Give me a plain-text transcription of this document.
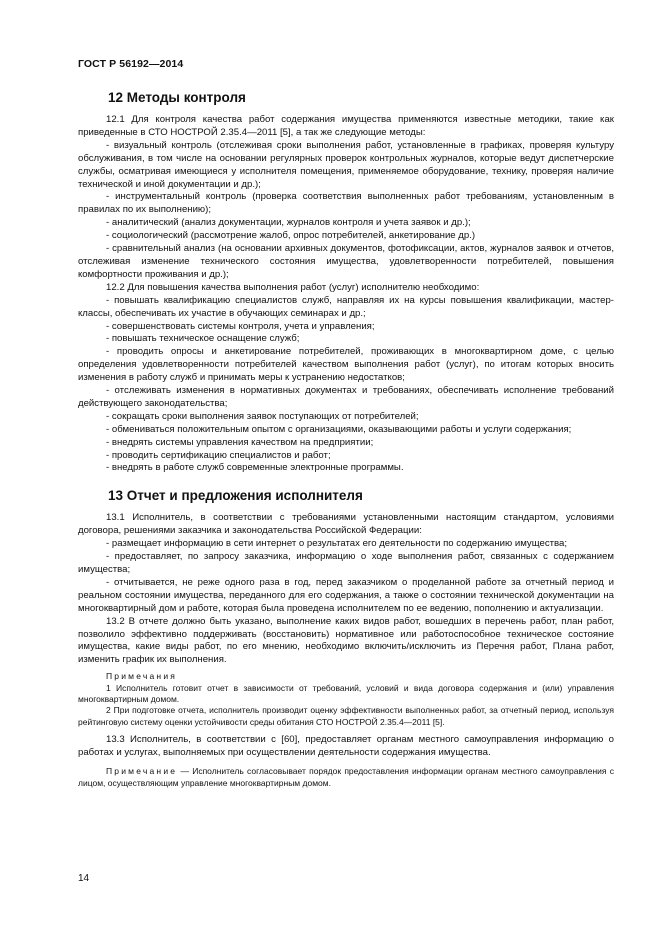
ГОСТ Р 56192—2014
12 Методы контроля

12.1 Для контроля качества работ содержания имущества применяются известные методики, такие как приведенные в СТО НОСТРОЙ 2.35.4—2011 [5], а так же следующие методы:

- визуальный контроль (отслеживая сроки выполнения работ, установленные в графиках, проверяя культуру обслуживания, в том числе на основании регулярных проверок контрольных журналов, которые ведут диспетчерские службы, осматривая имеющиеся у исполнителя помещения, применяемое оборудование, технику, проверяя наличие технической и иной документации и др.);

- инструментальный контроль (проверка соответствия выполненных работ требованиям, установленным в правилах по их выполнению);

- аналитический (анализ документации, журналов контроля и учета заявок и др.);

- социологический (рассмотрение жалоб, опрос потребителей, анкетирование др.)

- сравнительный анализ (на основании архивных документов, фотофиксации, актов, журналов заявок и отчетов, отслеживая изменение технического состояния имущества, удовлетворенности потребителей, повышения комфортности проживания и др.);

12.2 Для повышения качества выполнения работ (услуг) исполнителю необходимо:

- повышать квалификацию специалистов служб, направляя их на курсы повышения квалификации, мастер-классы, обеспечивать их участие в обучающих семинарах и др.;

- совершенствовать системы контроля, учета и управления;

- повышать техническое оснащение служб;

- проводить опросы и анкетирование потребителей, проживающих в многоквартирном доме, с целью определения удовлетворенности потребителей качеством выполнения работ (услуг), по итогам которых вносить изменения в работу служб и принимать меры к устранению недостатков;

- отслеживать изменения в нормативных документах и требованиях, обеспечивать исполнение требований действующего законодательства;

- сокращать сроки выполнения заявок поступающих от потребителей;

- обмениваться положительным опытом с организациями, оказывающими работы и услуги содержания;

- внедрять системы управления качеством на предприятии;

- проводить сертификацию специалистов и работ;

- внедрять в работе служб современные электронные программы.

13 Отчет и предложения исполнителя

13.1 Исполнитель, в соответствии с требованиями установленными настоящим стандартом, условиями договора, решениями заказчика и законодательства Российской Федерации:

- размещает информацию в сети интернет о результатах его деятельности по содержанию имущества;

- предоставляет, по запросу заказчика, информацию о ходе выполнения работ, связанных с содержанием имущества;

- отчитывается, не реже одного раза в год, перед заказчиком о проделанной работе за отчетный период и реальном состоянии имущества, переданного для его содержания, а также о состоянии технической документации на многоквартирный дом и работе, которая была проведена исполнителем по ее ведению, пополнению и актуализации.

13.2 В отчете должно быть указано, выполнение каких видов работ, вошедших в перечень работ, план работ, позволило эффективно поддерживать (восстановить) нормативное или работоспособное техническое состояние имущества, какие виды работ, по его мнению, необходимо включить/исключить из Перечня работ, Плана работ, изменить график их выполнения.

Примечания

1 Исполнитель готовит отчет в зависимости от требований, условий и вида договора содержания и (или) управления многоквартирным домом.

2 При подготовке отчета, исполнитель производит оценку эффективности выполненных работ, за отчетный период, используя рейтинговую систему оценки устойчивости среды обитания СТО НОСТРОЙ 2.35.4—2011 [5].

13.3 Исполнитель, в соответствии с [60], предоставляет органам местного самоуправления информацию о работах и услугах, выполняемых при осуществлении деятельности содержания имущества.

Примечание — Исполнитель согласовывает порядок предоставления информации органам местного самоуправления с лицом, осуществляющим управление многоквартирным домом.

14
